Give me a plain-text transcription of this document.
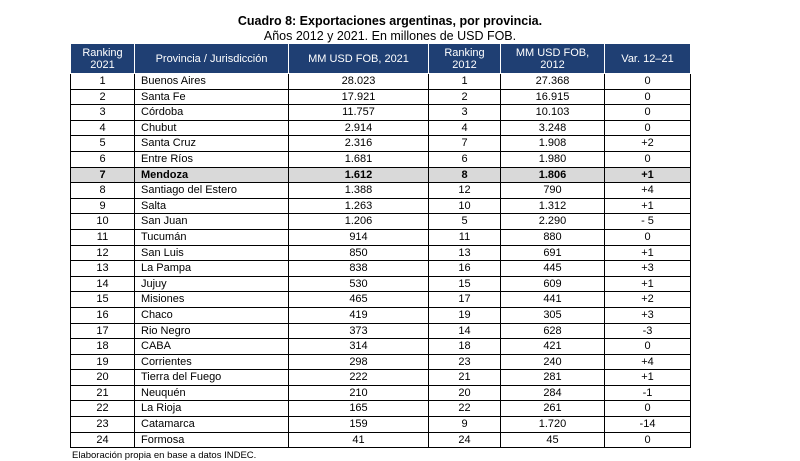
Cuadro 8: Exportaciones argentinas, por provincia.
Años 2012 y 2021. En millones de USD FOB.
Ranking 2021	Provincia / Jurisdicción	MM USD FOB, 2021	Ranking 2012	MM USD FOB, 2012	Var. 12–21
1	Buenos Aires	28.023	1	27.368	0
2	Santa Fe	17.921	2	16.915	0
3	Córdoba	11.757	3	10.103	0
4	Chubut	2.914	4	3.248	0
5	Santa Cruz	2.316	7	1.908	+2
6	Entre Ríos	1.681	6	1.980	0
7	Mendoza	1.612	8	1.806	+1
8	Santiago del Estero	1.388	12	790	+4
9	Salta	1.263	10	1.312	+1
10	San Juan	1.206	5	2.290	- 5
11	Tucumán	914	11	880	0
12	San Luis	850	13	691	+1
13	La Pampa	838	16	445	+3
14	Jujuy	530	15	609	+1
15	Misiones	465	17	441	+2
16	Chaco	419	19	305	+3
17	Rio Negro	373	14	628	-3
18	CABA	314	18	421	0
19	Corrientes	298	23	240	+4
20	Tierra del Fuego	222	21	281	+1
21	Neuquén	210	20	284	-1
22	La Rioja	165	22	261	0
23	Catamarca	159	9	1.720	-14
24	Formosa	41	24	45	0
Elaboración propia en base a datos INDEC.
